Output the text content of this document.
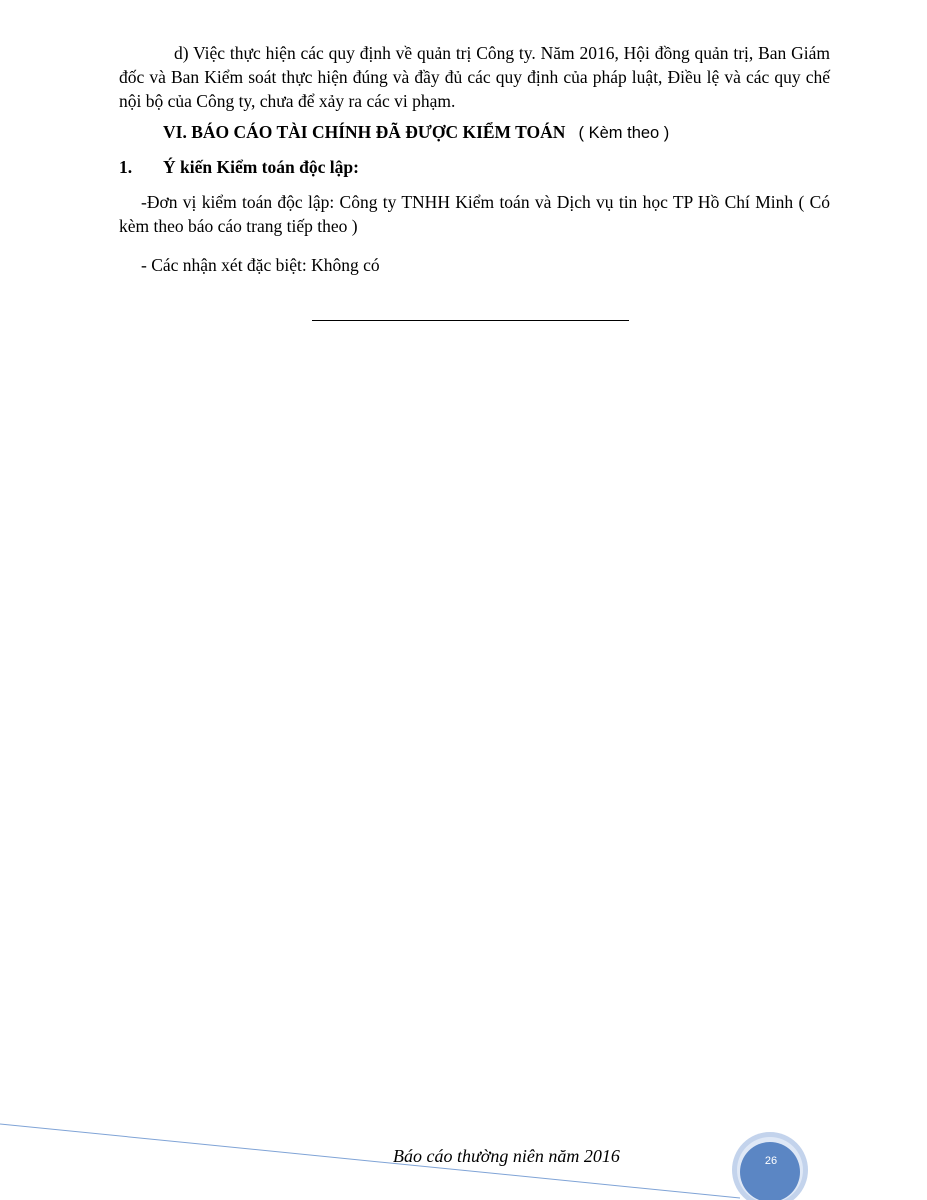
d) Việc thực hiện các quy định về quản trị Công ty. Năm 2016, Hội đồng quản trị, Ban Giám đốc và Ban Kiểm soát thực hiện đúng và đầy đủ các quy định của pháp luật, Điều lệ và các quy chế nội bộ của Công ty, chưa để xảy ra các vi phạm.

VI. BÁO CÁO TÀI CHÍNH ĐÃ ĐƯỢC KIỂM TOÁN ( Kèm theo )

1. Ý kiến Kiểm toán độc lập:

-Đơn vị kiểm toán độc lập: Công ty TNHH Kiểm toán và Dịch vụ tin học TP Hồ Chí Minh ( Có kèm theo báo cáo trang tiếp theo )

- Các nhận xét đặc biệt: Không có

Báo cáo thường niên năm 2016	26
